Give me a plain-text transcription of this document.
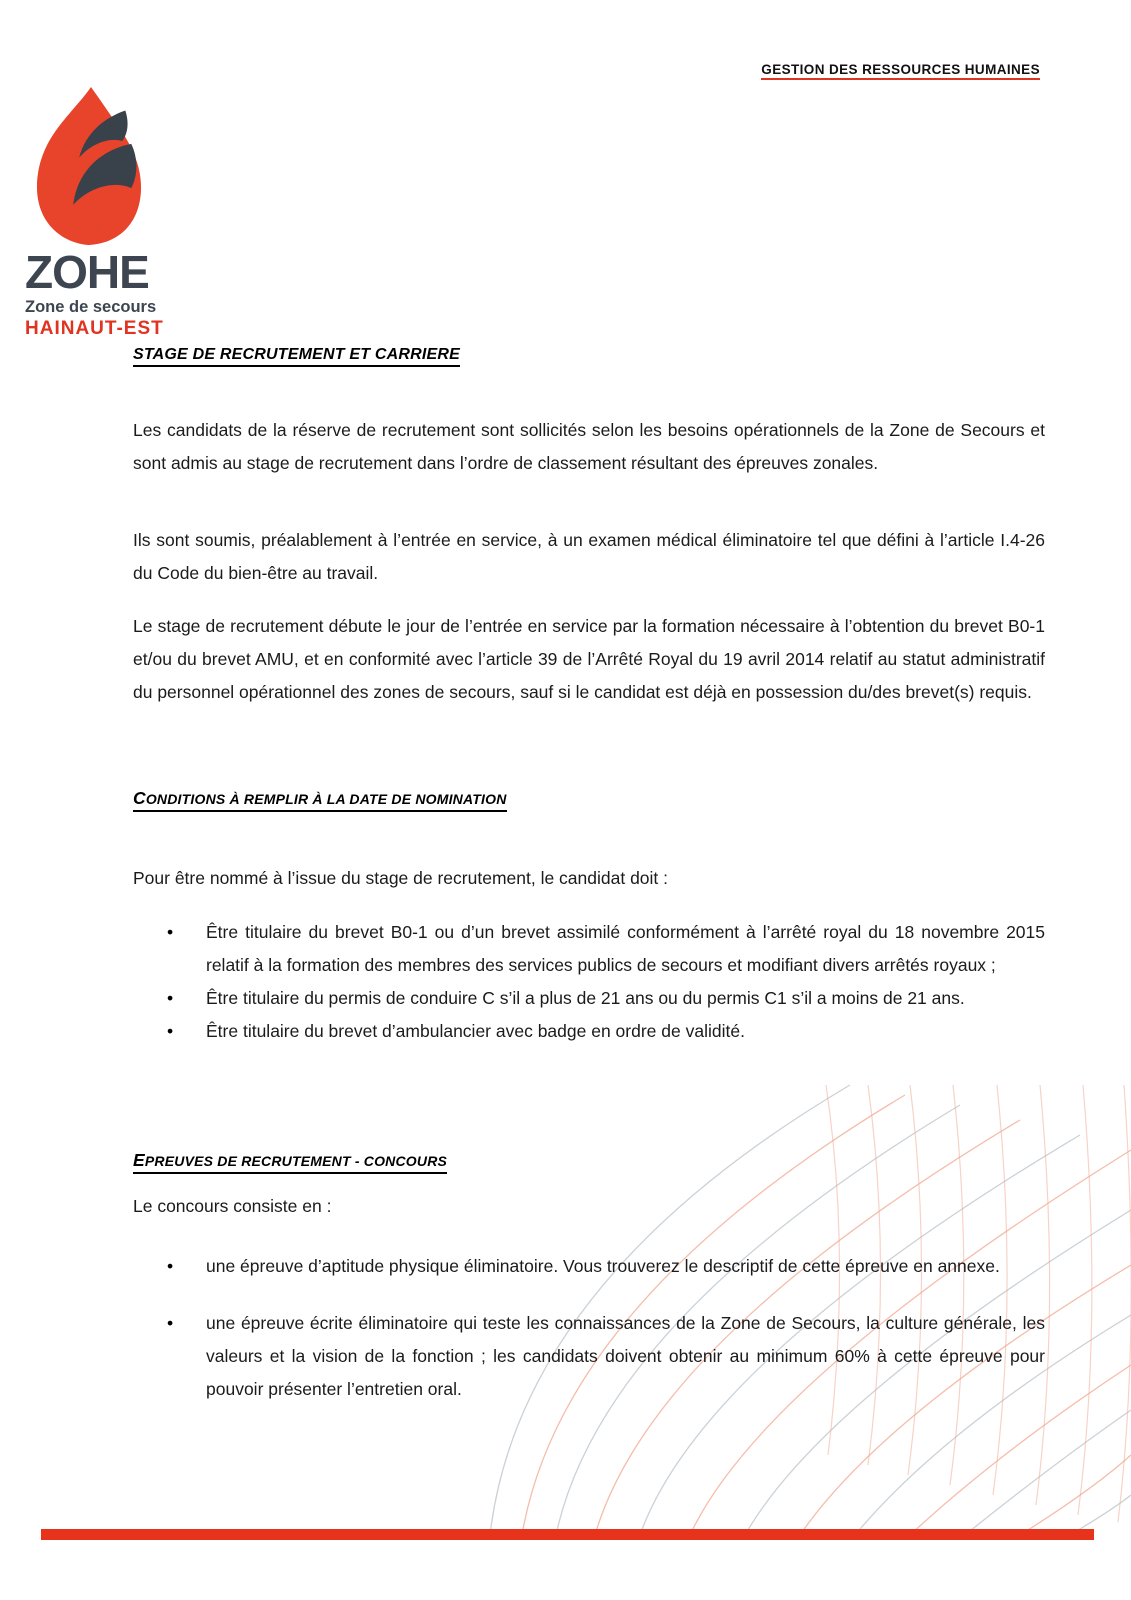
GESTION DES RESSOURCES HUMAINES
ZOHE
Zone de secours
HAINAUT-EST
STAGE DE RECRUTEMENT ET CARRIERE
Les candidats de la réserve de recrutement sont sollicités selon les besoins opérationnels de la Zone de Secours et sont admis au stage de recrutement dans l’ordre de classement résultant des épreuves zonales.
Ils sont soumis, préalablement à l’entrée en service, à un examen médical éliminatoire tel que défini à l’article I.4-26 du Code du bien-être au travail.
Le stage de recrutement débute le jour de l’entrée en service par la formation nécessaire à l’obtention du brevet B0-1 et/ou du brevet AMU, et en conformité avec l’article 39 de l’Arrêté Royal du 19 avril 2014 relatif au statut administratif du personnel opérationnel des zones de secours, sauf si le candidat est déjà en possession du/des brevet(s) requis.
CONDITIONS À REMPLIR À LA DATE DE NOMINATION
Pour être nommé à l’issue du stage de recrutement, le candidat doit :
• Être titulaire du brevet B0-1 ou d’un brevet assimilé conformément à l’arrêté royal du 18 novembre 2015 relatif à la formation des membres des services publics de secours et modifiant divers arrêtés royaux ;
• Être titulaire du permis de conduire C s’il a plus de 21 ans ou du permis C1 s’il a moins de 21 ans.
• Être titulaire du brevet d’ambulancier avec badge en ordre de validité.
EPREUVES DE RECRUTEMENT - CONCOURS
Le concours consiste en :
• une épreuve d’aptitude physique éliminatoire. Vous trouverez le descriptif de cette épreuve en annexe.
• une épreuve écrite éliminatoire qui teste les connaissances de la Zone de Secours, la culture générale, les valeurs et la vision de la fonction ; les candidats doivent obtenir au minimum 60% à cette épreuve pour pouvoir présenter l’entretien oral.
